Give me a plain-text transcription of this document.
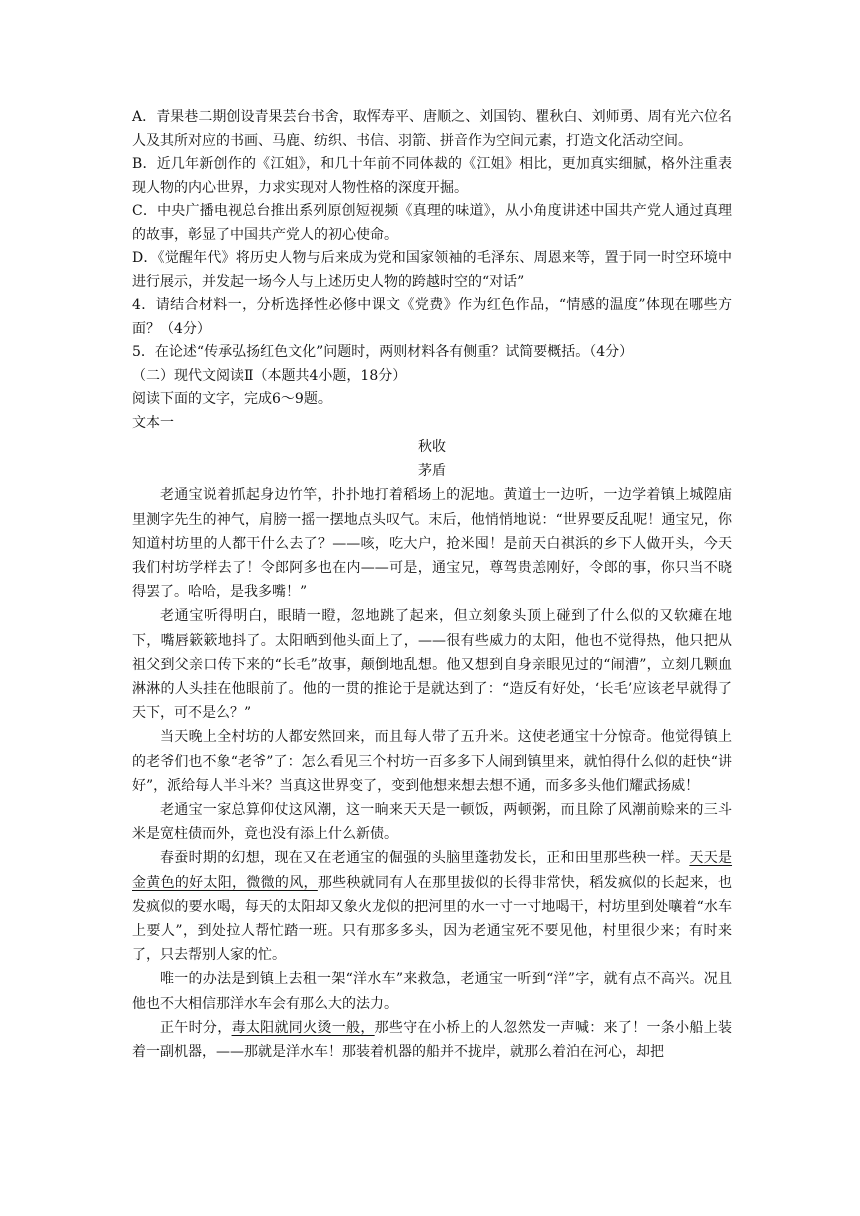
A．青果巷二期创设青果芸台书舍，取恽寿平、唐顺之、刘国钧、瞿秋白、刘师勇、周有光六位名人及其所对应的书画、马鹿、纺织、书信、羽箭、拼音作为空间元素，打造文化活动空间。

B．近几年新创作的《江姐》，和几十年前不同体裁的《江姐》相比，更加真实细腻，格外注重表现人物的内心世界，力求实现对人物性格的深度开掘。

C．中央广播电视总台推出系列原创短视频《真理的味道》，从小角度讲述中国共产党人通过真理的故事，彰显了中国共产党人的初心使命。

D．《觉醒年代》将历史人物与后来成为党和国家领袖的毛泽东、周恩来等，置于同一时空环境中进行展示，并发起一场今人与上述历史人物的跨越时空的“对话”

4．请结合材料一，分析选择性必修中课文《党费》作为红色作品，“情感的温度”体现在哪些方面？（4分）

5．在论述“传承弘扬红色文化”问题时，两则材料各有侧重？试简要概括。（4分）

（二）现代文阅读Ⅱ（本题共4小题，18分）

阅读下面的文字，完成6～9题。

文本一

秋收

茅盾

老通宝说着抓起身边竹竿，扑扑地打着稻场上的泥地。黄道士一边听，一边学着镇上城隍庙里测字先生的神气，肩膀一摇一摆地点头叹气。末后，他悄悄地说：“世界要反乱呢！通宝兄，你知道村坊里的人都干什么去了？——咳，吃大户，抢米囤！是前天白祺浜的乡下人做开头，今天我们村坊学样去了！令郎阿多也在内——可是，通宝兄，尊驾贵恙刚好，令郎的事，你只当不晓得罢了。哈哈，是我多嘴！”

老通宝听得明白，眼睛一瞪，忽地跳了起来，但立刻象头顶上碰到了什么似的又软瘫在地下，嘴唇簌簌地抖了。太阳晒到他头面上了，——很有些威力的太阳，他也不觉得热，他只把从祖父到父亲口传下来的“长毛”故事，颠倒地乱想。他又想到自身亲眼见过的“闹漕”，立刻几颗血淋淋的人头挂在他眼前了。他的一贯的推论于是就达到了：“造反有好处，‘长毛’应该老早就得了天下，可不是么？”

当天晚上全村坊的人都安然回来，而且每人带了五升米。这使老通宝十分惊奇。他觉得镇上的老爷们也不象“老爷”了：怎么看见三个村坊一百多多下人闹到镇里来，就怕得什么似的赶快“讲好”，派给每人半斗米？当真这世界变了，变到他想来想去想不通，而多多头他们耀武扬威！

老通宝一家总算仰仗这风潮，这一晌来天天是一顿饭，两顿粥，而且除了风潮前赊来的三斗米是宽柱债而外，竟也没有添上什么新债。

春蚕时期的幻想，现在又在老通宝的倔强的头脑里蓬勃发长，正和田里那些秧一样。天天是金黄色的好太阳，微微的风，那些秧就同有人在那里拔似的长得非常快，稻发疯似的长起来，也发疯似的要水喝，每天的太阳却又象火龙似的把河里的水一寸一寸地喝干，村坊里到处嚷着“水车上要人”，到处拉人帮忙踏一班。只有那多多头，因为老通宝死不要见他，村里很少来；有时来了，只去帮别人家的忙。

唯一的办法是到镇上去租一架“洋水车”来救急，老通宝一听到“洋”字，就有点不高兴。况且他也不大相信那洋水车会有那么大的法力。

正午时分，毒太阳就同火烫一般，那些守在小桥上的人忽然发一声喊：来了！一条小船上装着一副机器，——那就是洋水车！那装着机器的船并不拢岸，就那么着泊在河心，却把
